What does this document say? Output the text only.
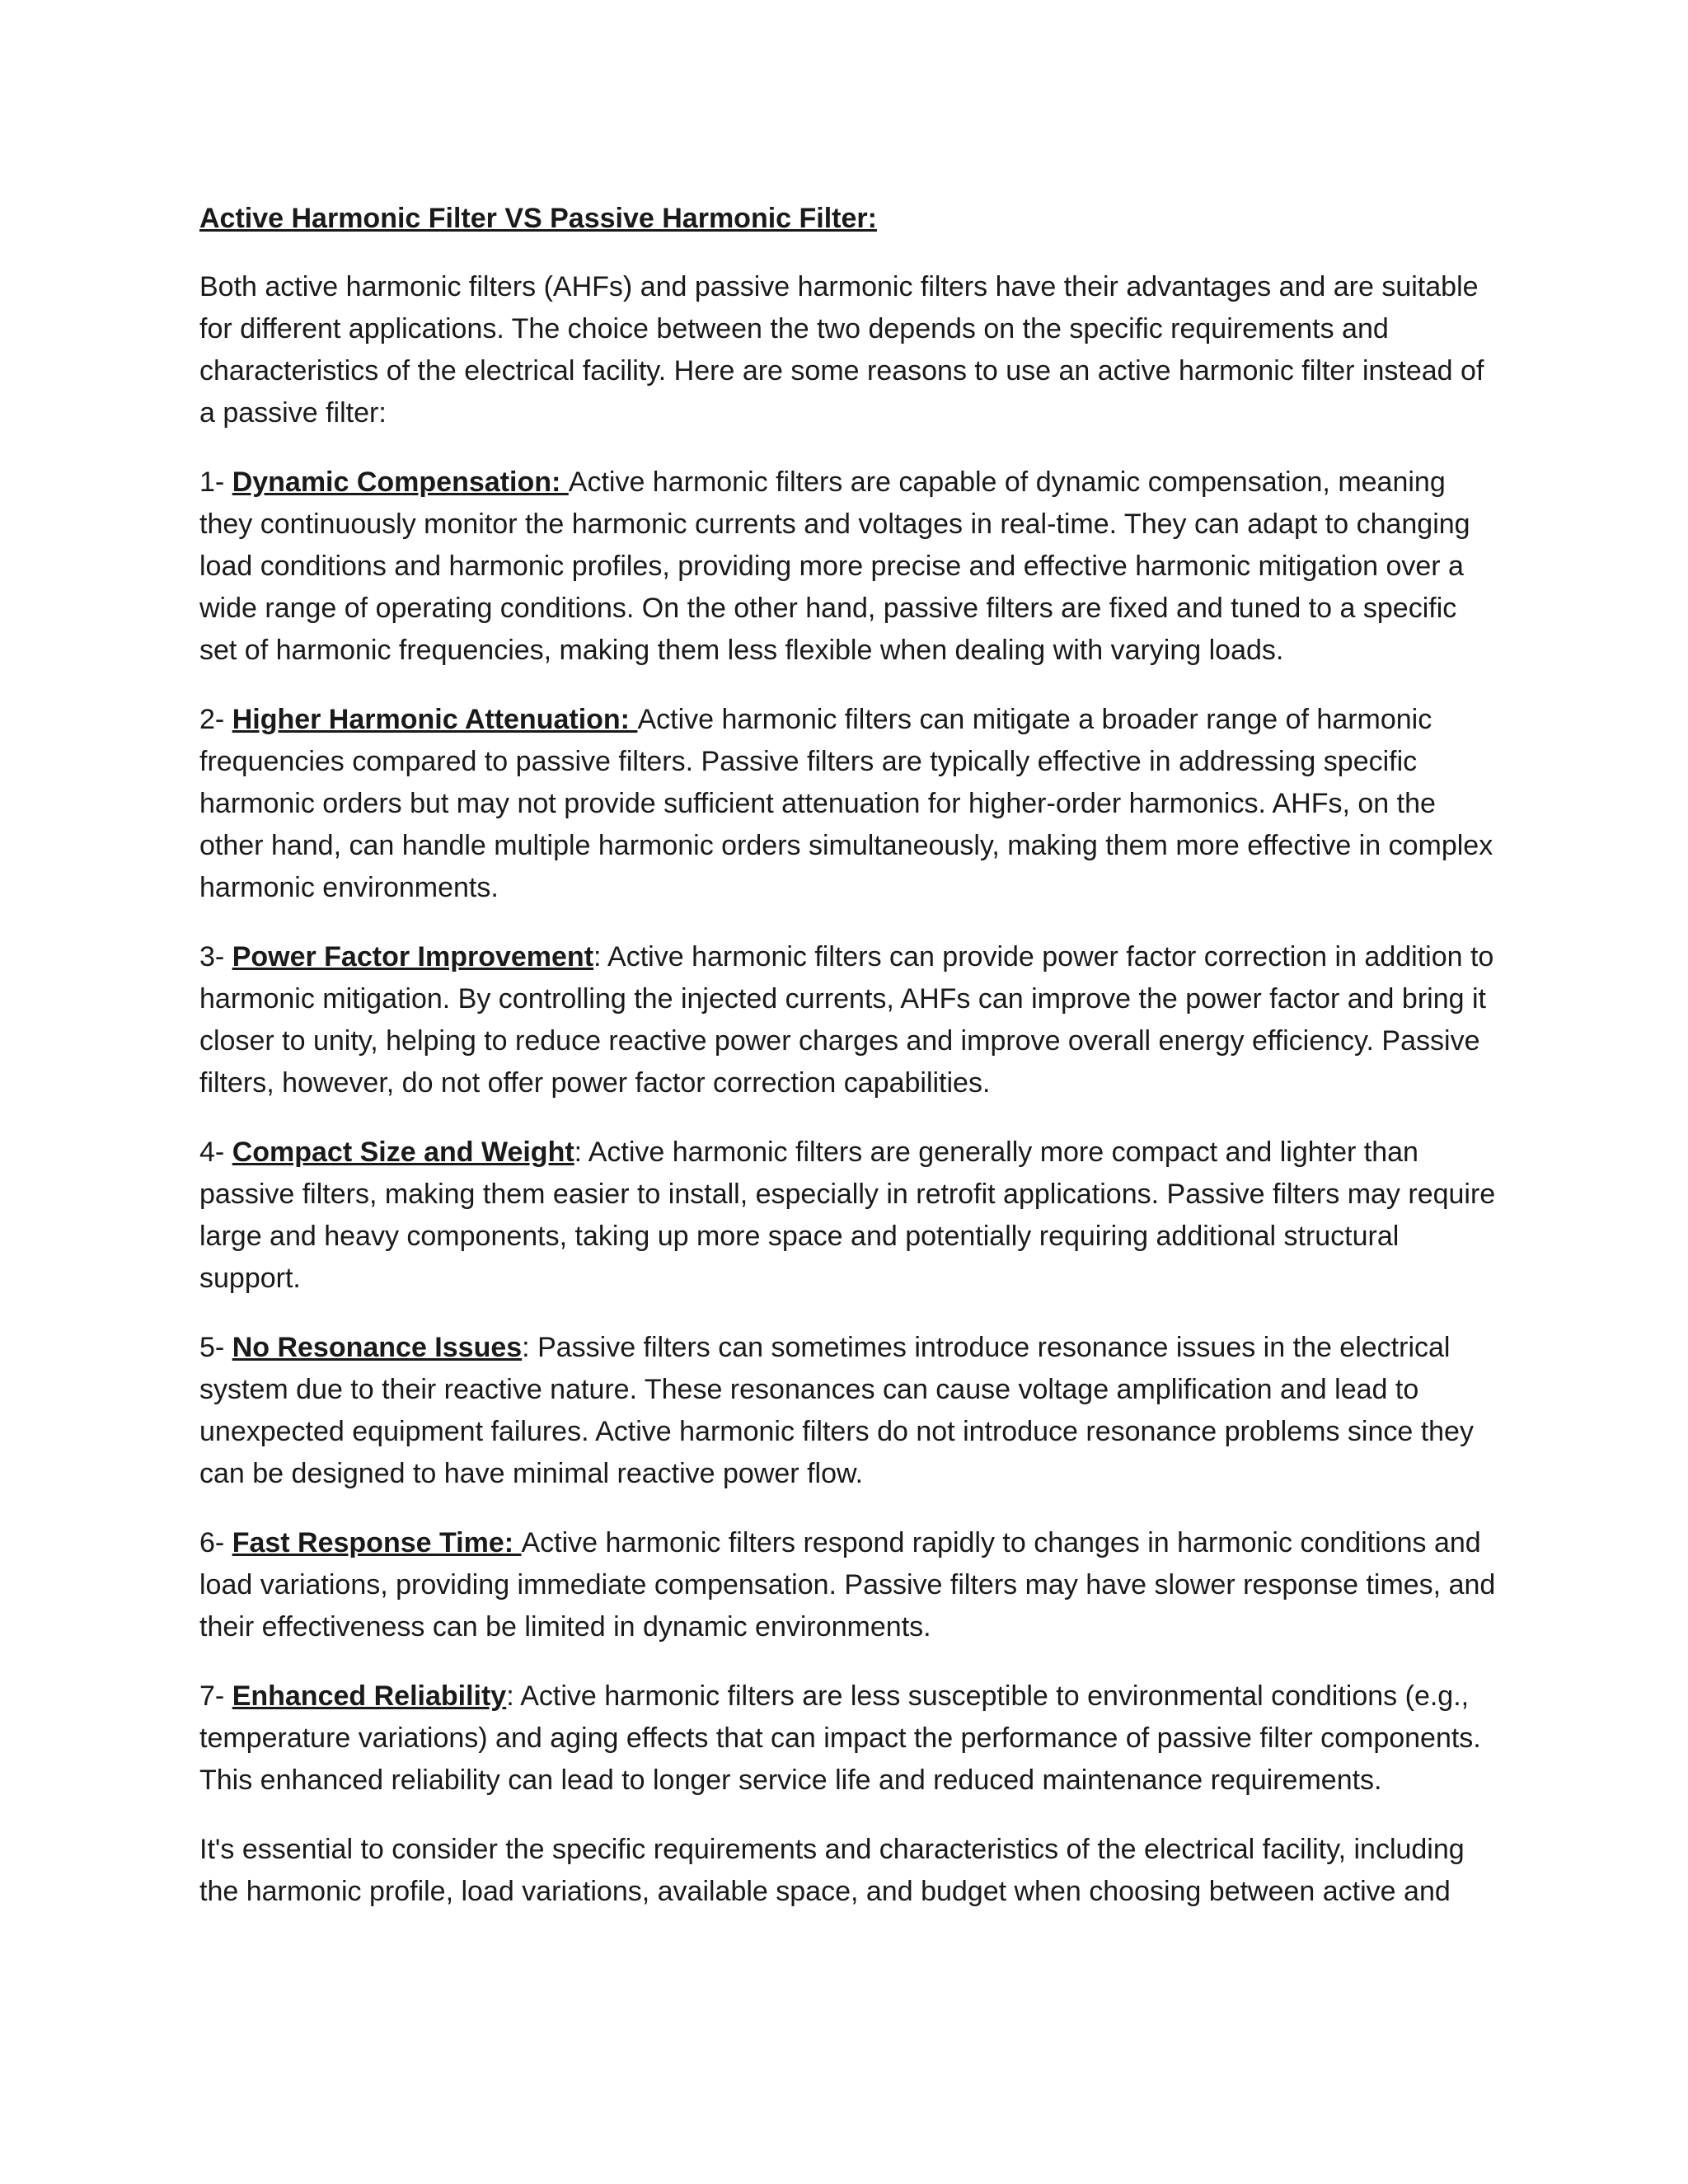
Active Harmonic Filter VS Passive Harmonic Filter:

Both active harmonic filters (AHFs) and passive harmonic filters have their advantages and are suitable for different applications. The choice between the two depends on the specific requirements and characteristics of the electrical facility. Here are some reasons to use an active harmonic filter instead of a passive filter:

1- Dynamic Compensation: Active harmonic filters are capable of dynamic compensation, meaning they continuously monitor the harmonic currents and voltages in real-time. They can adapt to changing load conditions and harmonic profiles, providing more precise and effective harmonic mitigation over a wide range of operating conditions. On the other hand, passive filters are fixed and tuned to a specific set of harmonic frequencies, making them less flexible when dealing with varying loads.

2- Higher Harmonic Attenuation: Active harmonic filters can mitigate a broader range of harmonic frequencies compared to passive filters. Passive filters are typically effective in addressing specific harmonic orders but may not provide sufficient attenuation for higher-order harmonics. AHFs, on the other hand, can handle multiple harmonic orders simultaneously, making them more effective in complex harmonic environments.

3- Power Factor Improvement: Active harmonic filters can provide power factor correction in addition to harmonic mitigation. By controlling the injected currents, AHFs can improve the power factor and bring it closer to unity, helping to reduce reactive power charges and improve overall energy efficiency. Passive filters, however, do not offer power factor correction capabilities.

4- Compact Size and Weight: Active harmonic filters are generally more compact and lighter than passive filters, making them easier to install, especially in retrofit applications. Passive filters may require large and heavy components, taking up more space and potentially requiring additional structural support.

5- No Resonance Issues: Passive filters can sometimes introduce resonance issues in the electrical system due to their reactive nature. These resonances can cause voltage amplification and lead to unexpected equipment failures. Active harmonic filters do not introduce resonance problems since they can be designed to have minimal reactive power flow.

6- Fast Response Time: Active harmonic filters respond rapidly to changes in harmonic conditions and load variations, providing immediate compensation. Passive filters may have slower response times, and their effectiveness can be limited in dynamic environments.

7- Enhanced Reliability: Active harmonic filters are less susceptible to environmental conditions (e.g., temperature variations) and aging effects that can impact the performance of passive filter components. This enhanced reliability can lead to longer service life and reduced maintenance requirements.

It's essential to consider the specific requirements and characteristics of the electrical facility, including the harmonic profile, load variations, available space, and budget when choosing between active and
